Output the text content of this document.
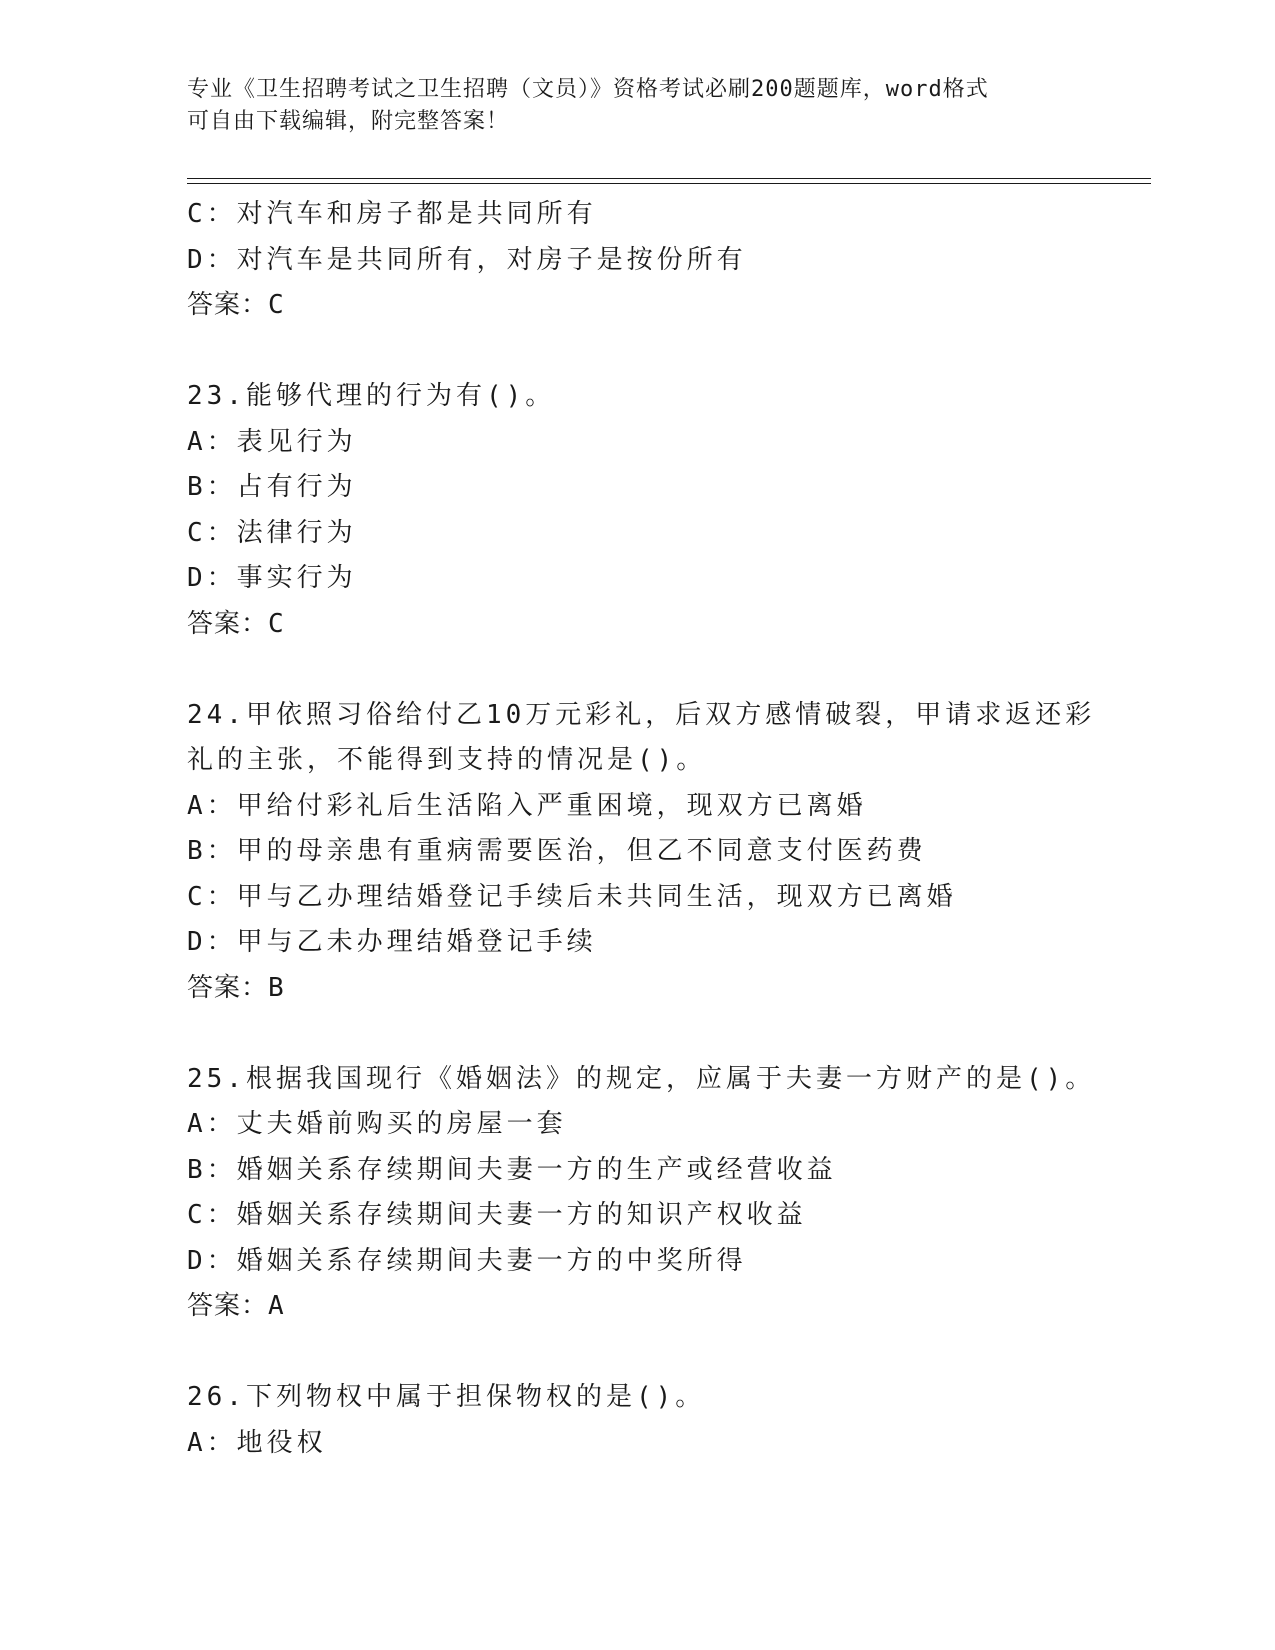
专业《卫生招聘考试之卫生招聘（文员）》资格考试必刷200题题库，word格式
可自由下载编辑，附完整答案！
C：对汽车和房子都是共同所有
D：对汽车是共同所有，对房子是按份所有
答案：C
23.能够代理的行为有()。
A：表见行为
B：占有行为
C：法律行为
D：事实行为
答案：C
24.甲依照习俗给付乙10万元彩礼，后双方感情破裂，甲请求返还彩
礼的主张，不能得到支持的情况是()。
A：甲给付彩礼后生活陷入严重困境，现双方已离婚
B：甲的母亲患有重病需要医治，但乙不同意支付医药费
C：甲与乙办理结婚登记手续后未共同生活，现双方已离婚
D：甲与乙未办理结婚登记手续
答案：B
25.根据我国现行《婚姻法》的规定，应属于夫妻一方财产的是()。
A：丈夫婚前购买的房屋一套
B：婚姻关系存续期间夫妻一方的生产或经营收益
C：婚姻关系存续期间夫妻一方的知识产权收益
D：婚姻关系存续期间夫妻一方的中奖所得
答案：A
26.下列物权中属于担保物权的是()。
A：地役权
